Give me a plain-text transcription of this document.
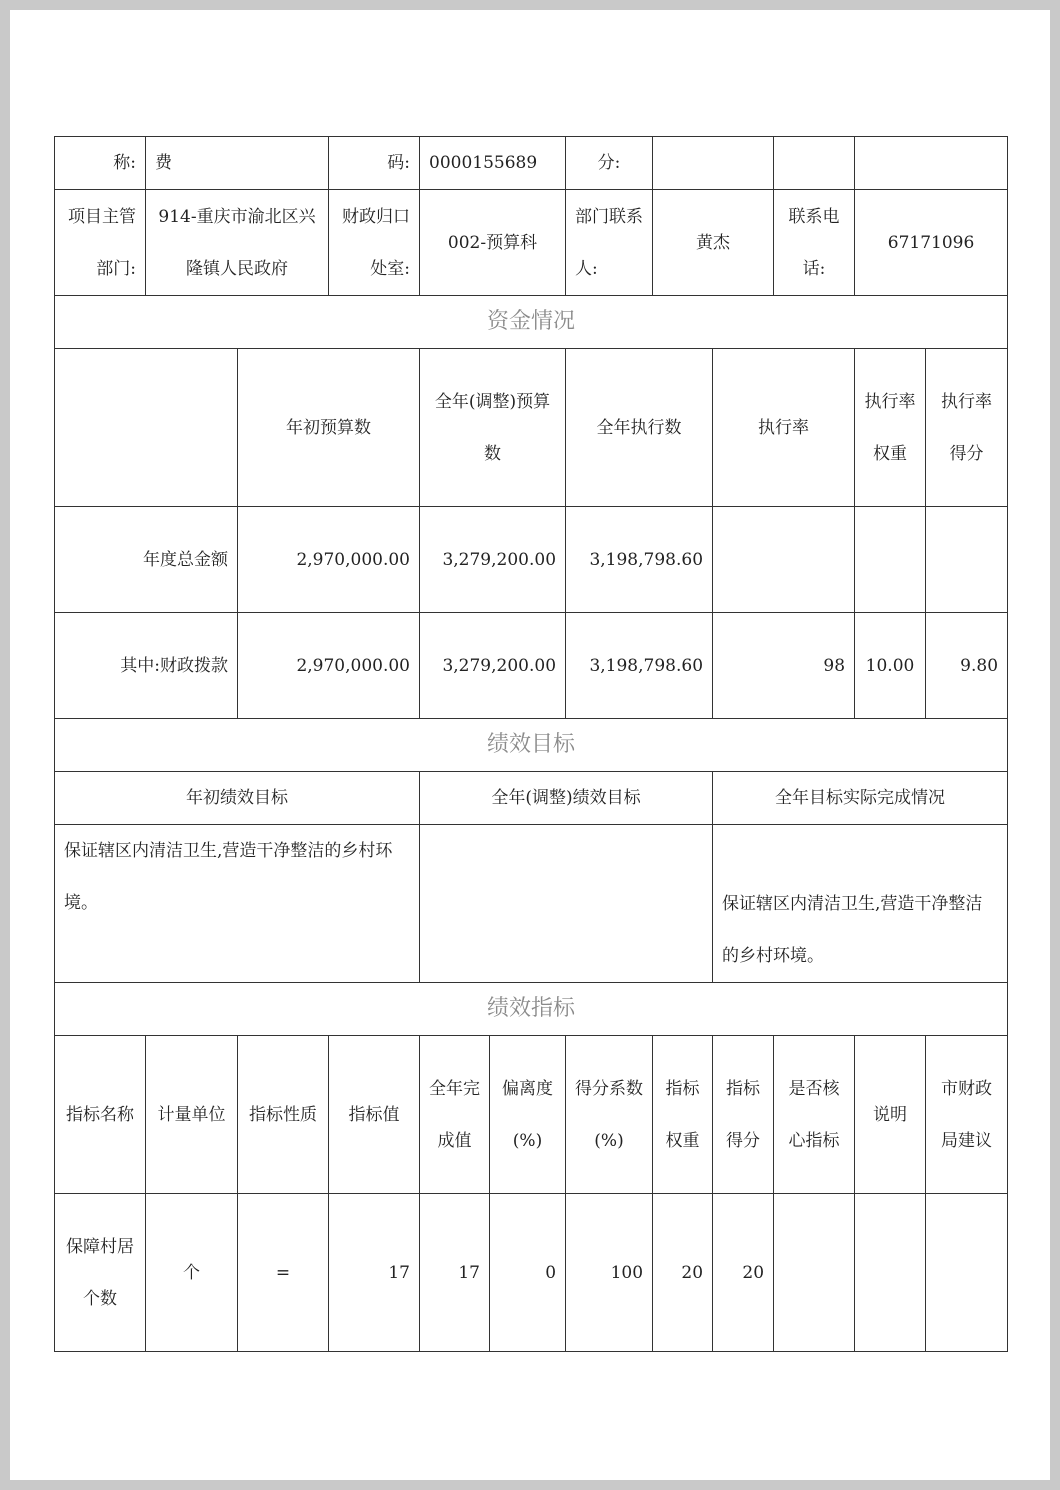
称:	费		码:	0000155689		分:					
项目主管部门:	914-重庆市渝北区兴隆镇人民政府		财政归口处室:	002-预算科		部门联系人:	黄杰		联系电话:	67171096	
资金情况											
		年初预算数		全年(调整)预算数		全年执行数		执行率		执行率权重	执行率得分
年度总金额		2,970,000.00		3,279,200.00		3,198,798.60					
其中:财政拨款		2,970,000.00		3,279,200.00		3,198,798.60		98		10.00	9.80
绩效目标											
年初绩效目标				全年(调整)绩效目标				全年目标实际完成情况			
保证辖区内清洁卫生,营造干净整洁的乡村环境。								保证辖区内清洁卫生,营造干净整洁的乡村环境。			
绩效指标											
指标名称	计量单位	指标性质	指标值	全年完成值	偏离度(%)	得分系数(%)	指标权重	指标得分	是否核心指标	说明	市财政局建议
保障村居个数	个	=	17	17	0	100	20	20			
